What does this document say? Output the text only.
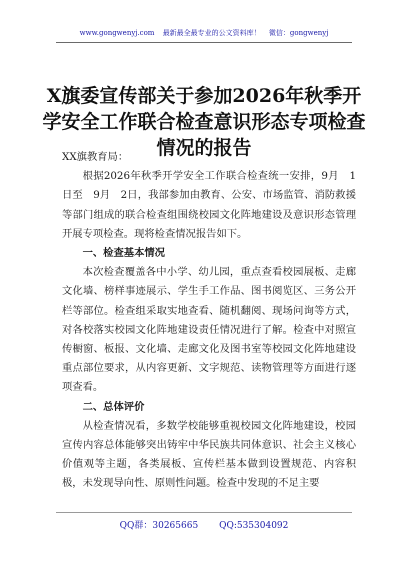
www.gongwenyj.com 最新最全最专业的公文资料库！ 微信：gongwenyj
X旗委宣传部关于参加2026年秋季开学安全工作联合检查意识形态专项检查情况的报告

XX旗教育局：

根据2026年秋季开学安全工作联合检查统一安排，9月　1日至　9月　2日，我部参加由教育、公安、市场监管、消防救援等部门组成的联合检查组围绕校园文化阵地建设及意识形态管理开展专项检查。现将检查情况报告如下。

一、检查基本情况

本次检查覆盖各中小学、幼儿园，重点查看校园展板、走廊文化墙、榜样事迹展示、学生手工作品、图书阅览区、三务公开栏等部位。检查组采取实地查看、随机翻阅、现场问询等方式，对各校落实校园文化阵地建设责任情况进行了解。检查中对照宣传橱窗、板报、文化墙、走廊文化及图书室等校园文化阵地建设重点部位要求，从内容更新、文字规范、读物管理等方面进行逐项查看。

二、总体评价

从检查情况看，多数学校能够重视校园文化阵地建设，校园宣传内容总体能够突出铸牢中华民族共同体意识、社会主义核心价值观等主题，各类展板、宣传栏基本做到设置规范、内容积极，未发现导向性、原则性问题。检查中发现的不足主要

QQ群：30265665 QQ:535304092
